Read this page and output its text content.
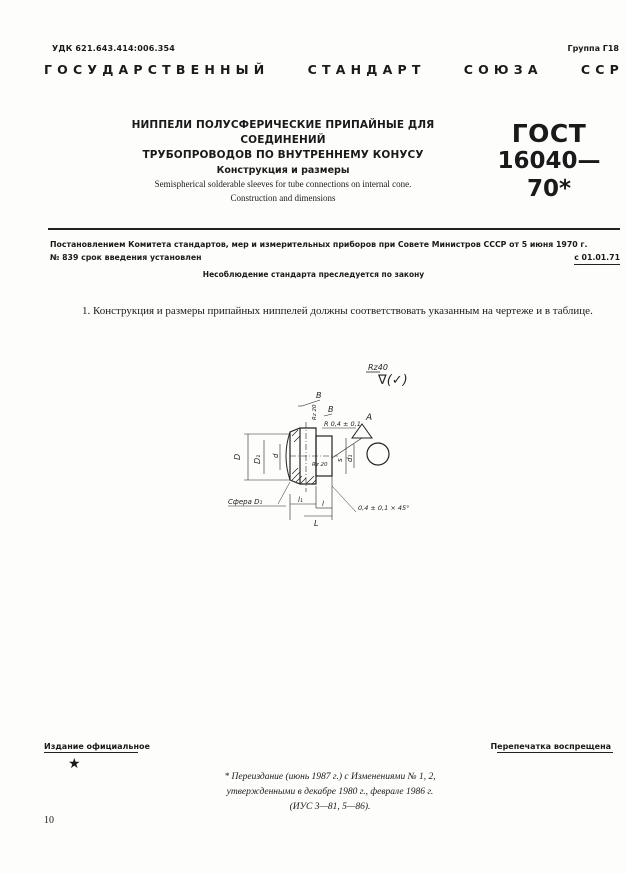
УДК 621.643.414:006.354	Группа Г18
ГОСУДАРСТВЕННЫЙ	СТАНДАРТ	СОЮЗА	ССР
НИППЕЛИ ПОЛУСФЕРИЧЕСКИЕ ПРИПАЙНЫЕ ДЛЯ СОЕДИНЕНИЙ
ТРУБОПРОВОДОВ ПО ВНУТРЕННЕМУ КОНУСУ
Конструкция и размеры
Semispherical solderable sleeves for tube connections on internal cone.
Construction and dimensions
ГОСТ
16040—70*
Постановлением Комитета стандартов, мер и измерительных приборов при Совете Министров СССР от 5 июня 1970 г.
№ 839 срок введения установлен	с 01.01.71
Несоблюдение стандарта преследуется по закону
1. Конструкция и размеры припайных ниппелей должны соответствовать указанным на чертеже и в таблице.
Rz40
∇(✓)
A
B
B
R 0,4 ± 0,1
Rz 20
Rz 20
D D₁ d	d₁
s
Сфера D₁	l₁	l
L
0,4 ± 0,1 × 45°
Издание официальное	Перепечатка воспрещена
★
* Переиздание (июнь 1987 г.) с Изменениями № 1, 2,
утвержденными в декабре 1980 г., феврале 1986 г.
(ИУС 3—81, 5—86).
10
